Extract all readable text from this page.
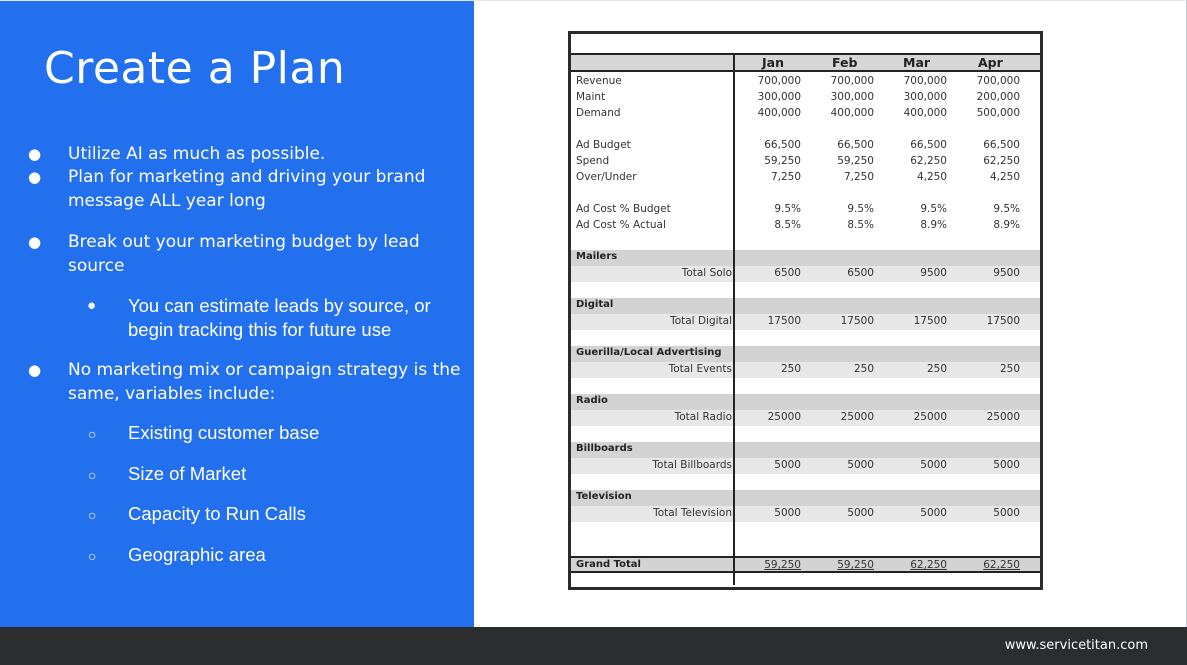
Create a Plan
● Utilize AI as much as possible.
● Plan for marketing and driving your brand message ALL year long
● Break out your marketing budget by lead source
● You can estimate leads by source, or begin tracking this for future use
● No marketing mix or campaign strategy is the same, variables include:
○ Existing customer base
○ Size of Market
○ Capacity to Run Calls
○ Geographic area
Jan	Feb	Mar	Apr
Revenue	700,000	700,000	700,000	700,000
Maint	300,000	300,000	300,000	200,000
Demand	400,000	400,000	400,000	500,000
Ad Budget	66,500	66,500	66,500	66,500
Spend	59,250	59,250	62,250	62,250
Over/Under	7,250	7,250	4,250	4,250
Ad Cost % Budget	9.5%	9.5%	9.5%	9.5%
Ad Cost % Actual	8.5%	8.5%	8.9%	8.9%
Mailers
Total Solo	6500	6500	9500	9500
Digital
Total Digital	17500	17500	17500	17500
Guerilla/Local Advertising
Total Events	250	250	250	250
Radio
Total Radio	25000	25000	25000	25000
Billboards
Total Billboards	5000	5000	5000	5000
Television
Total Television	5000	5000	5000	5000
Grand Total	59,250	59,250	62,250	62,250
www.servicetitan.com
